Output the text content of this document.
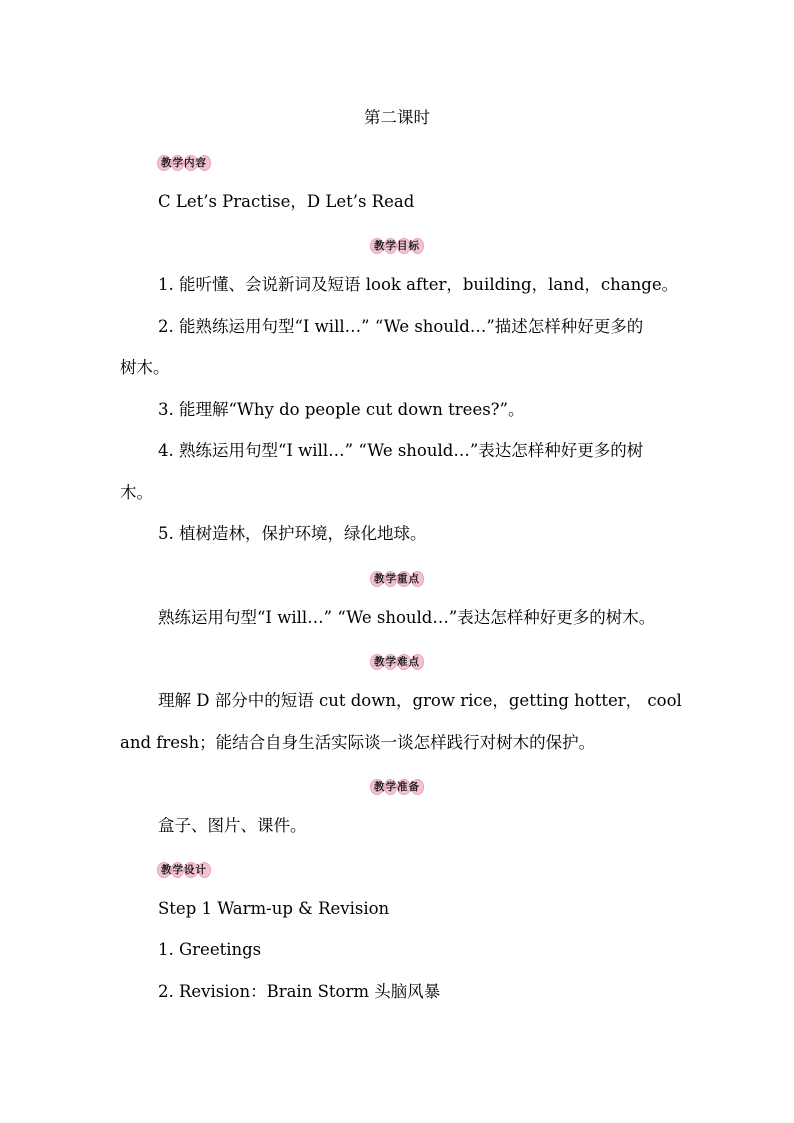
第二课时
教学内容
C Let’s Practise，D Let’s Read
教学目标
1. 能听懂、会说新词及短语 look after，building，land，change。
2. 能熟练运用句型“I will…” “We should…”描述怎样种好更多的
树木。
3. 能理解“Why do people cut down trees?”。
4. 熟练运用句型“I will…” “We should…”表达怎样种好更多的树
木。
5. 植树造林，保护环境，绿化地球。
教学重点
熟练运用句型“I will…” “We should…”表达怎样种好更多的树木。
教学难点
理解 D 部分中的短语 cut down，grow rice，getting hotter， cool
and fresh；能结合自身生活实际谈一谈怎样践行对树木的保护。
教学准备
盒子、图片、课件。
教学设计
Step 1 Warm-up & Revision
1. Greetings
2. Revision：Brain Storm 头脑风暴
